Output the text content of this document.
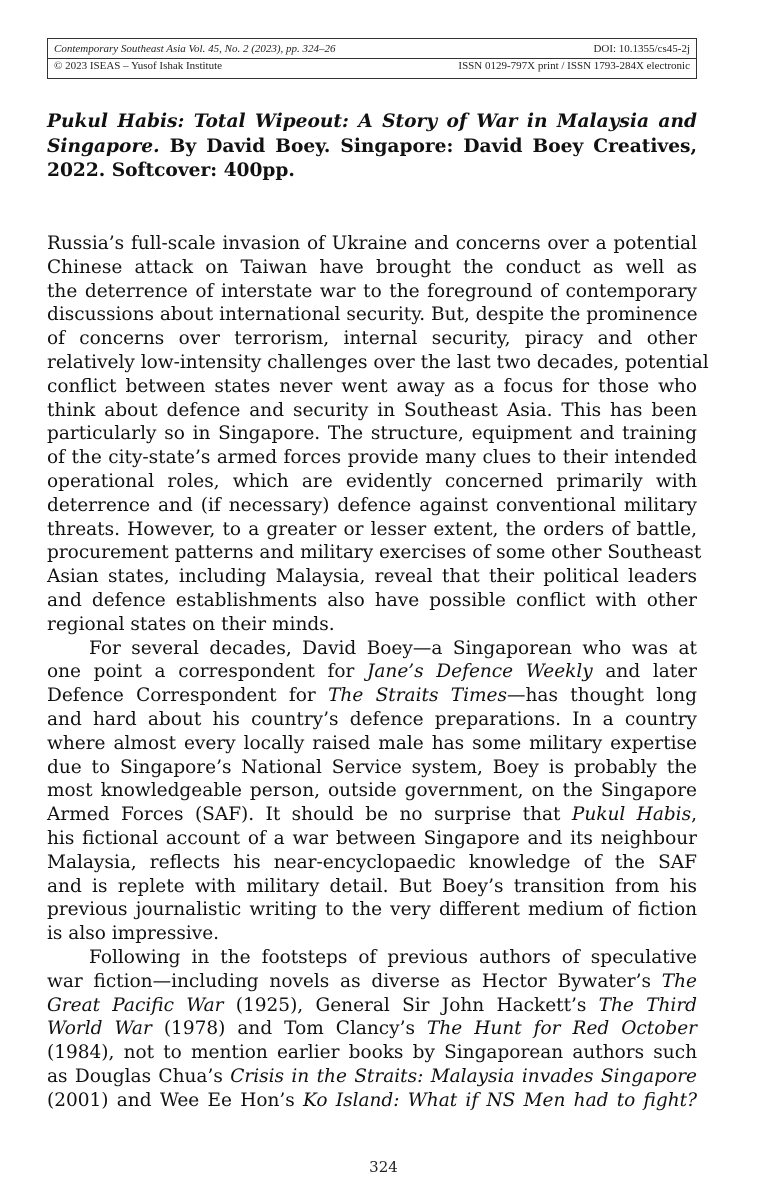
Contemporary Southeast Asia Vol. 45, No. 2 (2023), pp. 324–26	DOI: 10.1355/cs45-2j
© 2023 ISEAS – Yusof Ishak Institute	ISSN 0129-797X print / ISSN 1793-284X electronic
Pukul Habis: Total Wipeout: A Story of War in Malaysia and Singapore. By David Boey. Singapore: David Boey Creatives, 2022. Softcover: 400pp.
Russia’s full-scale invasion of Ukraine and concerns over a potential
Chinese attack on Taiwan have brought the conduct as well as
the deterrence of interstate war to the foreground of contemporary
discussions about international security. But, despite the prominence
of concerns over terrorism, internal security, piracy and other
relatively low-intensity challenges over the last two decades, potential
conflict between states never went away as a focus for those who
think about defence and security in Southeast Asia. This has been
particularly so in Singapore. The structure, equipment and training
of the city-state’s armed forces provide many clues to their intended
operational roles, which are evidently concerned primarily with
deterrence and (if necessary) defence against conventional military
threats. However, to a greater or lesser extent, the orders of battle,
procurement patterns and military exercises of some other Southeast
Asian states, including Malaysia, reveal that their political leaders
and defence establishments also have possible conflict with other
regional states on their minds.
For several decades, David Boey—a Singaporean who was at
one point a correspondent for Jane’s Defence Weekly and later
Defence Correspondent for The Straits Times—has thought long
and hard about his country’s defence preparations. In a country
where almost every locally raised male has some military expertise
due to Singapore’s National Service system, Boey is probably the
most knowledgeable person, outside government, on the Singapore
Armed Forces (SAF). It should be no surprise that Pukul Habis,
his fictional account of a war between Singapore and its neighbour
Malaysia, reflects his near-encyclopaedic knowledge of the SAF
and is replete with military detail. But Boey’s transition from his
previous journalistic writing to the very different medium of fiction
is also impressive.
Following in the footsteps of previous authors of speculative
war fiction—including novels as diverse as Hector Bywater’s The
Great Pacific War (1925), General Sir John Hackett’s The Third
World War (1978) and Tom Clancy’s The Hunt for Red October
(1984), not to mention earlier books by Singaporean authors such
as Douglas Chua’s Crisis in the Straits: Malaysia invades Singapore
(2001) and Wee Ee Hon’s Ko Island: What if NS Men had to fight?
324
